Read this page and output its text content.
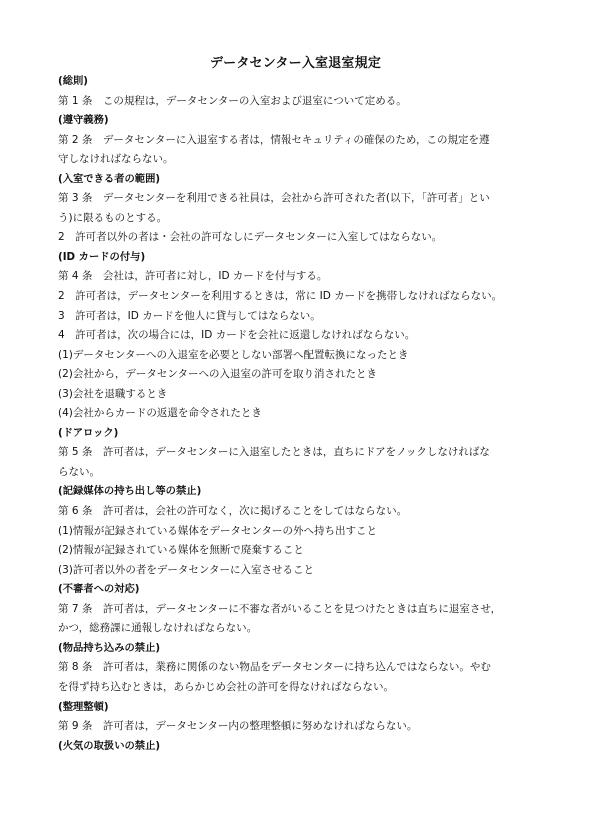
データセンター入室退室規定
(総則)
第 1 条　この規程は，データセンターの入室および退室について定める。
(遵守義務)
第 2 条　データセンターに入退室する者は，情報セキュリティの確保のため，この規定を遵
守しなければならない。
(入室できる者の範囲)
第 3 条　データセンターを利用できる社員は，会社から許可された者(以下，「許可者」とい
う)に限るものとする。
2　許可者以外の者は・会社の許可なしにデータセンターに入室してはならない。
(ID カードの付与)
第 4 条　会社は，許可者に対し，ID カードを付与する。
2　許可者は，データセンターを利用するときは，常に ID カードを携帯しなければならない。
3　許可者は，ID カードを他人に貸与してはならない。
4　許可者は，次の場合には，ID カードを会社に返還しなければならない。
(1)データセンターへの入退室を必要としない部署へ配置転換になったとき
(2)会社から，データセンターへの入退室の許可を取り消されたとき
(3)会社を退職するとき
(4)会社からカードの返還を命令されたとき
(ドアロック)
第 5 条　許可者は，データセンターに入退室したときは，直ちにドアをノックしなければな
らない。
(記録媒体の持ち出し等の禁止)
第 6 条　許可者は，会社の許可なく，次に掲げることをしてはならない。
(1)情報が記録されている媒体をデータセンターの外へ持ち出すこと
(2)情報が記録されている媒体を無断で廃棄すること
(3)許可者以外の者をデータセンターに入室させること
(不審者への対応)
第 7 条　許可者は，データセンターに不審な者がいることを見つけたときは直ちに退室させ，
かつ，総務課に通報しなければならない。
(物品持ち込みの禁止)
第 8 条　許可者は，業務に関係のない物品をデータセンターに持ち込んではならない。やむ
を得ず持ち込むときは，あらかじめ会社の許可を得なければならない。
(整理整頓)
第 9 条　許可者は，データセンター内の整理整頓に努めなければならない。
(火気の取扱いの禁止)
